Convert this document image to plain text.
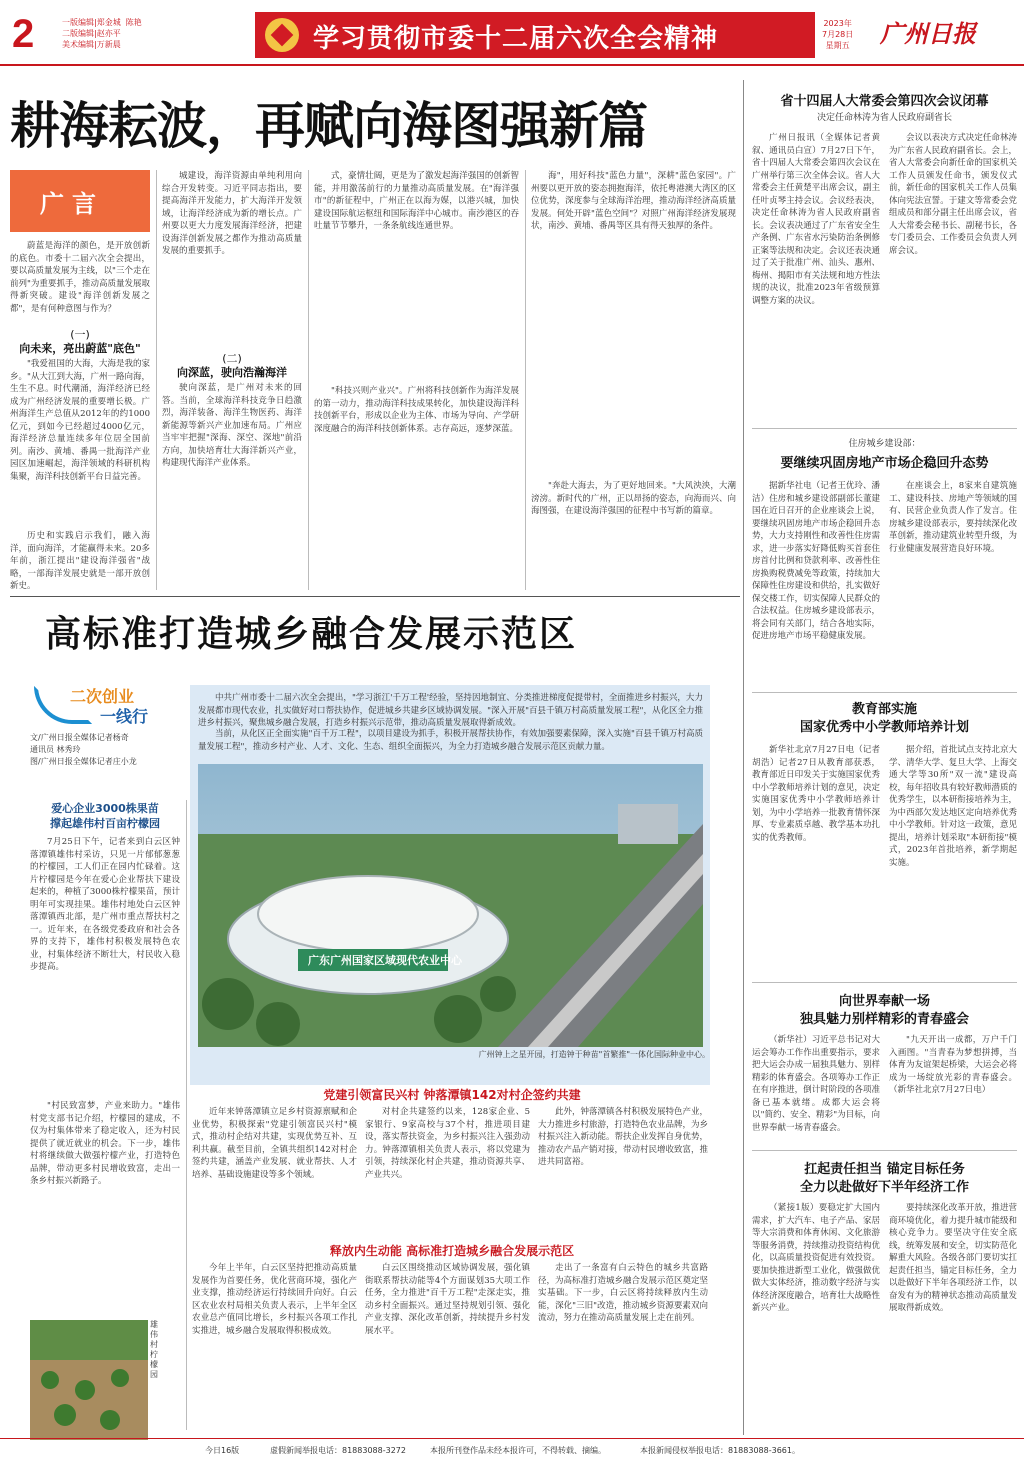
2	一版编辑|郑金城  陈艳
二版编辑|赵亦平
美术编辑|万新晨	学习贯彻市委十二届六次全会精神
2023年
7月28日
星期五 广州日报
耕海耘波，再赋向海图强新篇
广言

蔚蓝是海洋的颜色，是开放创新的底色。市委十二届六次全会提出，要以高质量发展为主线，以"三个走在前列"为重要抓手，推动高质量发展取得新突破。建设"海洋创新发展之都"，是有何种意图与作为？

(一)
向未来，亮出蔚蓝"底色"

"我爱祖国的大海，大海是我的家乡。"从大江到大海，广州一路向海，生生不息。时代潮涌，海洋经济已经成为广州经济发展的重要增长极。广州海洋生产总值从2012年的约1000亿元，到如今已经超过4000亿元，海洋经济总量连续多年位居全国前列。南沙、黄埔、番禺一批海洋产业园区加速崛起，海洋领域的科研机构集聚，海洋科技创新平台日益完善。

历史和实践启示我们，融入海洋，面向海洋，才能赢得未来。20多年前，浙江提出"建设海洋强省"战略，一部海洋发展史就是一部开放创新史。

城建设，海洋资源由单纯利用向综合开发转变。习近平同志指出，要提高海洋开发能力，扩大海洋开发领域，让海洋经济成为新的增长点。广州要以更大力度发展海洋经济，把建设海洋创新发展之都作为推动高质量发展的重要抓手。

(二)
向深蓝，驶向浩瀚海洋

驶向深蓝，是广州对未来的回答。当前，全球海洋科技竞争日趋激烈，海洋装备、海洋生物医药、海洋新能源等新兴产业加速布局。广州应当牢牢把握"深海、深空、深地"前沿方向，加快培育壮大海洋新兴产业，构建现代海洋产业体系。

式，豪情壮阔，更是为了激发起海洋强国的创新智能，并用激荡前行的力量推动高质量发展。在"海洋强市"的新征程中，广州正在以海为媒，以港兴城，加快建设国际航运枢纽和国际海洋中心城市。南沙港区的吞吐量节节攀升，一条条航线连通世界。

"科技兴则产业兴"。广州将科技创新作为海洋发展的第一动力，推动海洋科技成果转化，加快建设海洋科技创新平台，形成以企业为主体、市场为导向、产学研深度融合的海洋科技创新体系。志存高远，逐梦深蓝。

海"，用好科技"蓝色力量"，深耕"蓝色家园"。广州要以更开放的姿态拥抱海洋，依托粤港澳大湾区的区位优势，深度参与全球海洋治理，推动海洋经济高质量发展。何处开辟"蓝色空间"？对照广州海洋经济发展现状，南沙、黄埔、番禺等区具有得天独厚的条件。

"奔赴大海去，为了更好地回来。"大风泱泱，大潮滂滂。新时代的广州，正以昂扬的姿态，向海而兴、向海图强，在建设海洋强国的征程中书写新的篇章。

省十四届人大常委会第四次会议闭幕
决定任命林涛为省人民政府副省长

广州日报讯（全媒体记者黄叙、通讯员白宣）7月27日下午，省十四届人大常委会第四次会议在广州举行第三次全体会议。省人大常委会主任黄楚平出席会议，副主任叶贞琴主持会议。会议经表决，决定任命林涛为省人民政府副省长。会议表决通过了广东省安全生产条例、广东省水污染防治条例修正案等法规和决定。会议还表决通过了关于批准广州、汕头、惠州、梅州、揭阳市有关法规和地方性法规的决议，批准2023年省级预算调整方案的决议。

会议以表决方式决定任命林涛为广东省人民政府副省长。会上，省人大常委会向新任命的国家机关工作人员颁发任命书，颁发仪式前，新任命的国家机关工作人员集体向宪法宣誓。于建文等常委会党组成员和部分副主任出席会议，省人大常委会秘书长、副秘书长，各专门委员会、工作委员会负责人列席会议。

住房城乡建设部：
要继续巩固房地产市场企稳回升态势

据新华社电（记者王优玲、潘洁）住房和城乡建设部副部长董建国在近日召开的企业座谈会上说，要继续巩固房地产市场企稳回升态势，大力支持刚性和改善性住房需求，进一步落实好降低购买首套住房首付比例和贷款利率、改善性住房换购税费减免等政策，持续加大保障性住房建设和供给，扎实做好保交楼工作，切实保障人民群众的合法权益。住房城乡建设部表示，将会同有关部门，结合各地实际，促进房地产市场平稳健康发展。

在座谈会上，8家来自建筑施工、建设科技、房地产等领域的国有、民营企业负责人作了发言。住房城乡建设部表示，要持续深化改革创新，推动建筑业转型升级，为行业健康发展营造良好环境。

教育部实施
国家优秀中小学教师培养计划

新华社北京7月27日电（记者胡浩）记者27日从教育部获悉，教育部近日印发关于实施国家优秀中小学教师培养计划的意见，决定实施国家优秀中小学教师培养计划，为中小学培养一批教育情怀深厚、专业素质卓越、教学基本功扎实的优秀教师。

据介绍，首批试点支持北京大学、清华大学、复旦大学、上海交通大学等30所"双一流"建设高校，每年招收具有较好教师潜质的优秀学生，以本研衔接培养为主，为中西部欠发达地区定向培养优秀中小学教师。针对这一政策，意见提出，培养计划采取"本研衔接"模式，2023年首批培养，新学期起实施。

向世界奉献一场
独具魅力别样精彩的青春盛会

（新华社）习近平总书记对大运会筹办工作作出重要指示，要求把大运会办成一届独具魅力、别样精彩的体育盛会。各项筹办工作正在有序推进，倒计时阶段的各项准备已基本就绪。成都大运会将以"简约、安全、精彩"为目标，向世界奉献一场青春盛会。

"九天开出一成都，万户千门入画图。"当青春为梦想拼搏，当体育为友谊架起桥梁，大运会必将成为一场绽放光彩的青春盛会。（新华社北京7月27日电）

扛起责任担当 锚定目标任务
全力以赴做好下半年经济工作

（紧接1版）要稳定扩大国内需求，扩大汽车、电子产品、家居等大宗消费和体育休闲、文化旅游等服务消费，持续推动投资结构优化，以高质量投资促进有效投资。要加快推进新型工业化，做强做优做大实体经济，推动数字经济与实体经济深度融合，培育壮大战略性新兴产业。

要持续深化改革开放，推进营商环境优化，着力提升城市能级和核心竞争力。要坚决守住安全底线，统筹发展和安全，切实防范化解重大风险。各级各部门要切实扛起责任担当，锚定目标任务，全力以赴做好下半年各项经济工作，以奋发有为的精神状态推动高质量发展取得新成效。

高标准打造城乡融合发展示范区
二次创业
一线行
文/广州日报全媒体记者杨奇
通讯员 林秀玲
图/广州日报全媒体记者庄小龙

中共广州市委十二届六次全会提出，"学习浙江'千万工程'经验，坚持因地制宜、分类推进梯度促提带村，全面推进乡村振兴，大力发展都市现代农业，扎实做好对口帮扶协作，促进城乡共建乡区域协调发展。"深入开展"百县千镇万村高质量发展工程"，从化区全力推进乡村振兴，聚焦城乡融合发展，打造乡村振兴示范带，推动高质量发展取得新成效。

当前，从化区正全面实施"百千万工程"，以项目建设为抓手，积极开展帮扶协作，有效加强要素保障，深入实施"百县千镇万村高质量发展工程"，推动乡村产业、人才、文化、生态、组织全面振兴，为全力打造城乡融合发展示范区贡献力量。

广东广州国家区域现代农业中心
广州钟上之星开园，打造钟于种苗"首繁推"一体化国际种业中心。
爱心企业3000株果苗
撑起雄伟村百亩柠檬园

7月25日下午，记者来到白云区钟落潭镇雄伟村采访，只见一片郁郁葱葱的柠檬园，工人们正在园内忙碌着。这片柠檬园是今年在爱心企业帮扶下建设起来的，种植了3000株柠檬果苗，预计明年可实现挂果。雄伟村地处白云区钟落潭镇西北部，是广州市重点帮扶村之一。近年来，在各级党委政府和社会各界的支持下，雄伟村积极发展特色农业，村集体经济不断壮大，村民收入稳步提高。

"村民致富梦，产业来助力。"雄伟村党支部书记介绍，柠檬园的建成，不仅为村集体带来了稳定收入，还为村民提供了就近就业的机会。下一步，雄伟村将继续做大做强柠檬产业，打造特色品牌，带动更多村民增收致富，走出一条乡村振兴新路子。

雄伟村柠檬园
党建引领富民兴村 钟落潭镇142对村企签约共建

近年来钟落潭镇立足乡村资源禀赋和企业优势，积极探索"党建引领富民兴村"模式，推动村企结对共建，实现优势互补、互利共赢。截至目前，全镇共组织142对村企签约共建，涵盖产业发展、就业帮扶、人才培养、基础设施建设等多个领域。

对村企共建签约以来，128家企业、5家银行、9家高校与37个村，推进项目建设，落实帮扶资金，为乡村振兴注入强劲动力。钟落潭镇相关负责人表示，将以党建为引领，持续深化村企共建，推动资源共享、产业共兴。

此外，钟落潭镇各村积极发展特色产业，大力推进乡村旅游，打造特色农业品牌，为乡村振兴注入新动能。帮扶企业发挥自身优势，推动农产品产销对接，带动村民增收致富，推进共同富裕。

释放内生动能 高标准打造城乡融合发展示范区

今年上半年，白云区坚持把推动高质量发展作为首要任务，优化营商环境，强化产业支撑，推动经济运行持续回升向好。白云区农业农村局相关负责人表示，上半年全区农业总产值同比增长，乡村振兴各项工作扎实推进，城乡融合发展取得积极成效。

白云区围绕推动区域协调发展，强化镇街联系帮扶动能等4个方面谋划35大项工作任务，全力推进"百千万工程"走深走实，推动乡村全面振兴。通过坚持规划引领、强化产业支撑、深化改革创新，持续提升乡村发展水平。

走出了一条富有白云特色的城乡共富路径，为高标准打造城乡融合发展示范区奠定坚实基础。下一步，白云区将持续释放内生动能，深化"三旧"改造，推动城乡资源要素双向流动，努力在推动高质量发展上走在前列。

今日16版	虚假新闻举报电话：81883088-3272	本报所刊登作品未经本报许可，不得转载、摘编。	本报新闻侵权举报电话：81883088-3661。
